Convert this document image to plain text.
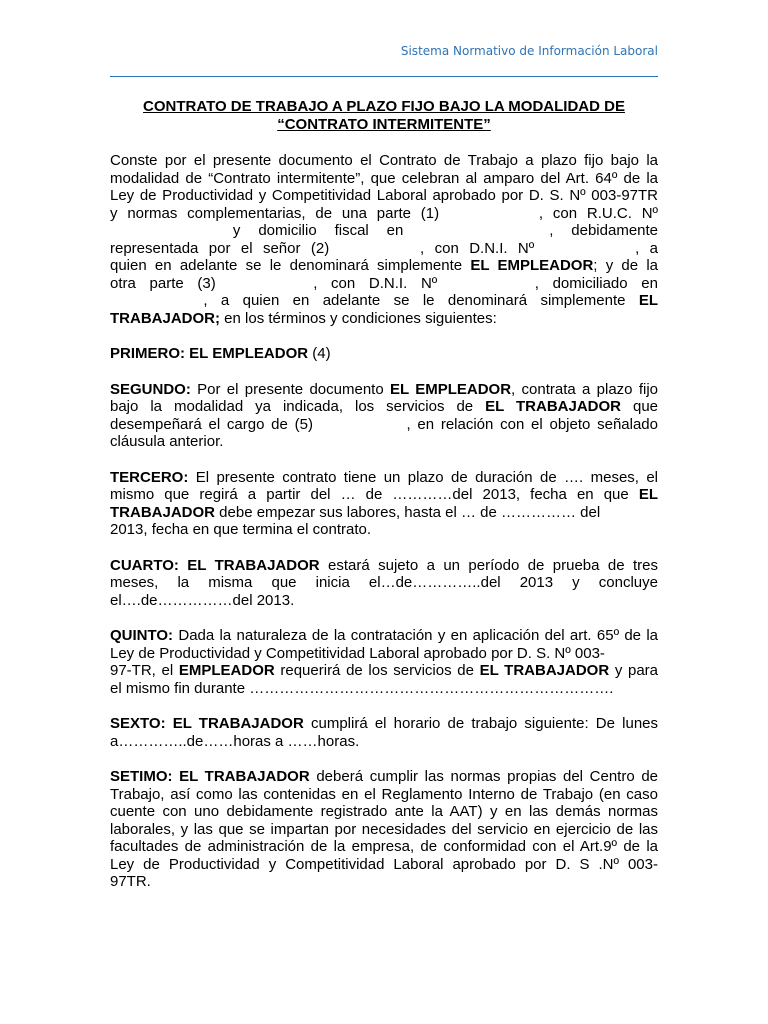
Sistema Normativo de Información Laboral
CONTRATO DE TRABAJO A PLAZO FIJO BAJO LA MODALIDAD DE
“CONTRATO INTERMITENTE”

Conste por el presente documento el Contrato de Trabajo a plazo fijo bajo la
modalidad de “Contrato intermitente”, que celebran al amparo del Art. 64º de la
Ley de Productividad y Competitividad Laboral aprobado por D. S. Nº 003-97TR
y normas complementarias, de una parte (1)	, con R.U.C. Nº
y domicilio fiscal en	, debidamente
representada por el señor (2)	, con D.N.I. Nº	, a
quien en adelante se le denominará simplemente EL EMPLEADOR; y de la
otra parte (3)	, con D.N.I. Nº	, domiciliado en
, a quien en adelante se le denominará simplemente EL
TRABAJADOR; en los términos y condiciones siguientes:

PRIMERO: EL EMPLEADOR (4)

SEGUNDO: Por el presente documento EL EMPLEADOR, contrata a plazo fijo
bajo la modalidad ya indicada, los servicios de EL TRABAJADOR que
desempeñará el cargo de (5)	, en relación con el objeto señalado
cláusula anterior.

TERCERO: El presente contrato tiene un plazo de duración de …. meses, el
mismo que regirá a partir del … de …………del 2013, fecha en que EL
TRABAJADOR debe empezar sus labores, hasta el … de …………… del
2013, fecha en que termina el contrato.

CUARTO: EL TRABAJADOR estará sujeto a un período de prueba de tres
meses, la misma que inicia el…de…………..del 2013 y concluye
el….de……………del 2013.

QUINTO: Dada la naturaleza de la contratación y en aplicación del art. 65º de la
Ley de Productividad y Competitividad Laboral aprobado por D. S. Nº 003-
97-TR, el EMPLEADOR requerirá de los servicios de EL TRABAJADOR y para
el mismo fin durante ……………………………………………………………….

SEXTO: EL TRABAJADOR cumplirá el horario de trabajo siguiente: De lunes
a…………..de……horas a ……horas.

SETIMO: EL TRABAJADOR deberá cumplir las normas propias del Centro de
Trabajo, así como las contenidas en el Reglamento Interno de Trabajo (en caso
cuente con uno debidamente registrado ante la AAT) y en las demás normas
laborales, y las que se impartan por necesidades del servicio en ejercicio de las
facultades de administración de la empresa, de conformidad con el Art.9º de la
Ley de Productividad y Competitividad Laboral aprobado por D. S .Nº 003-
97TR.
